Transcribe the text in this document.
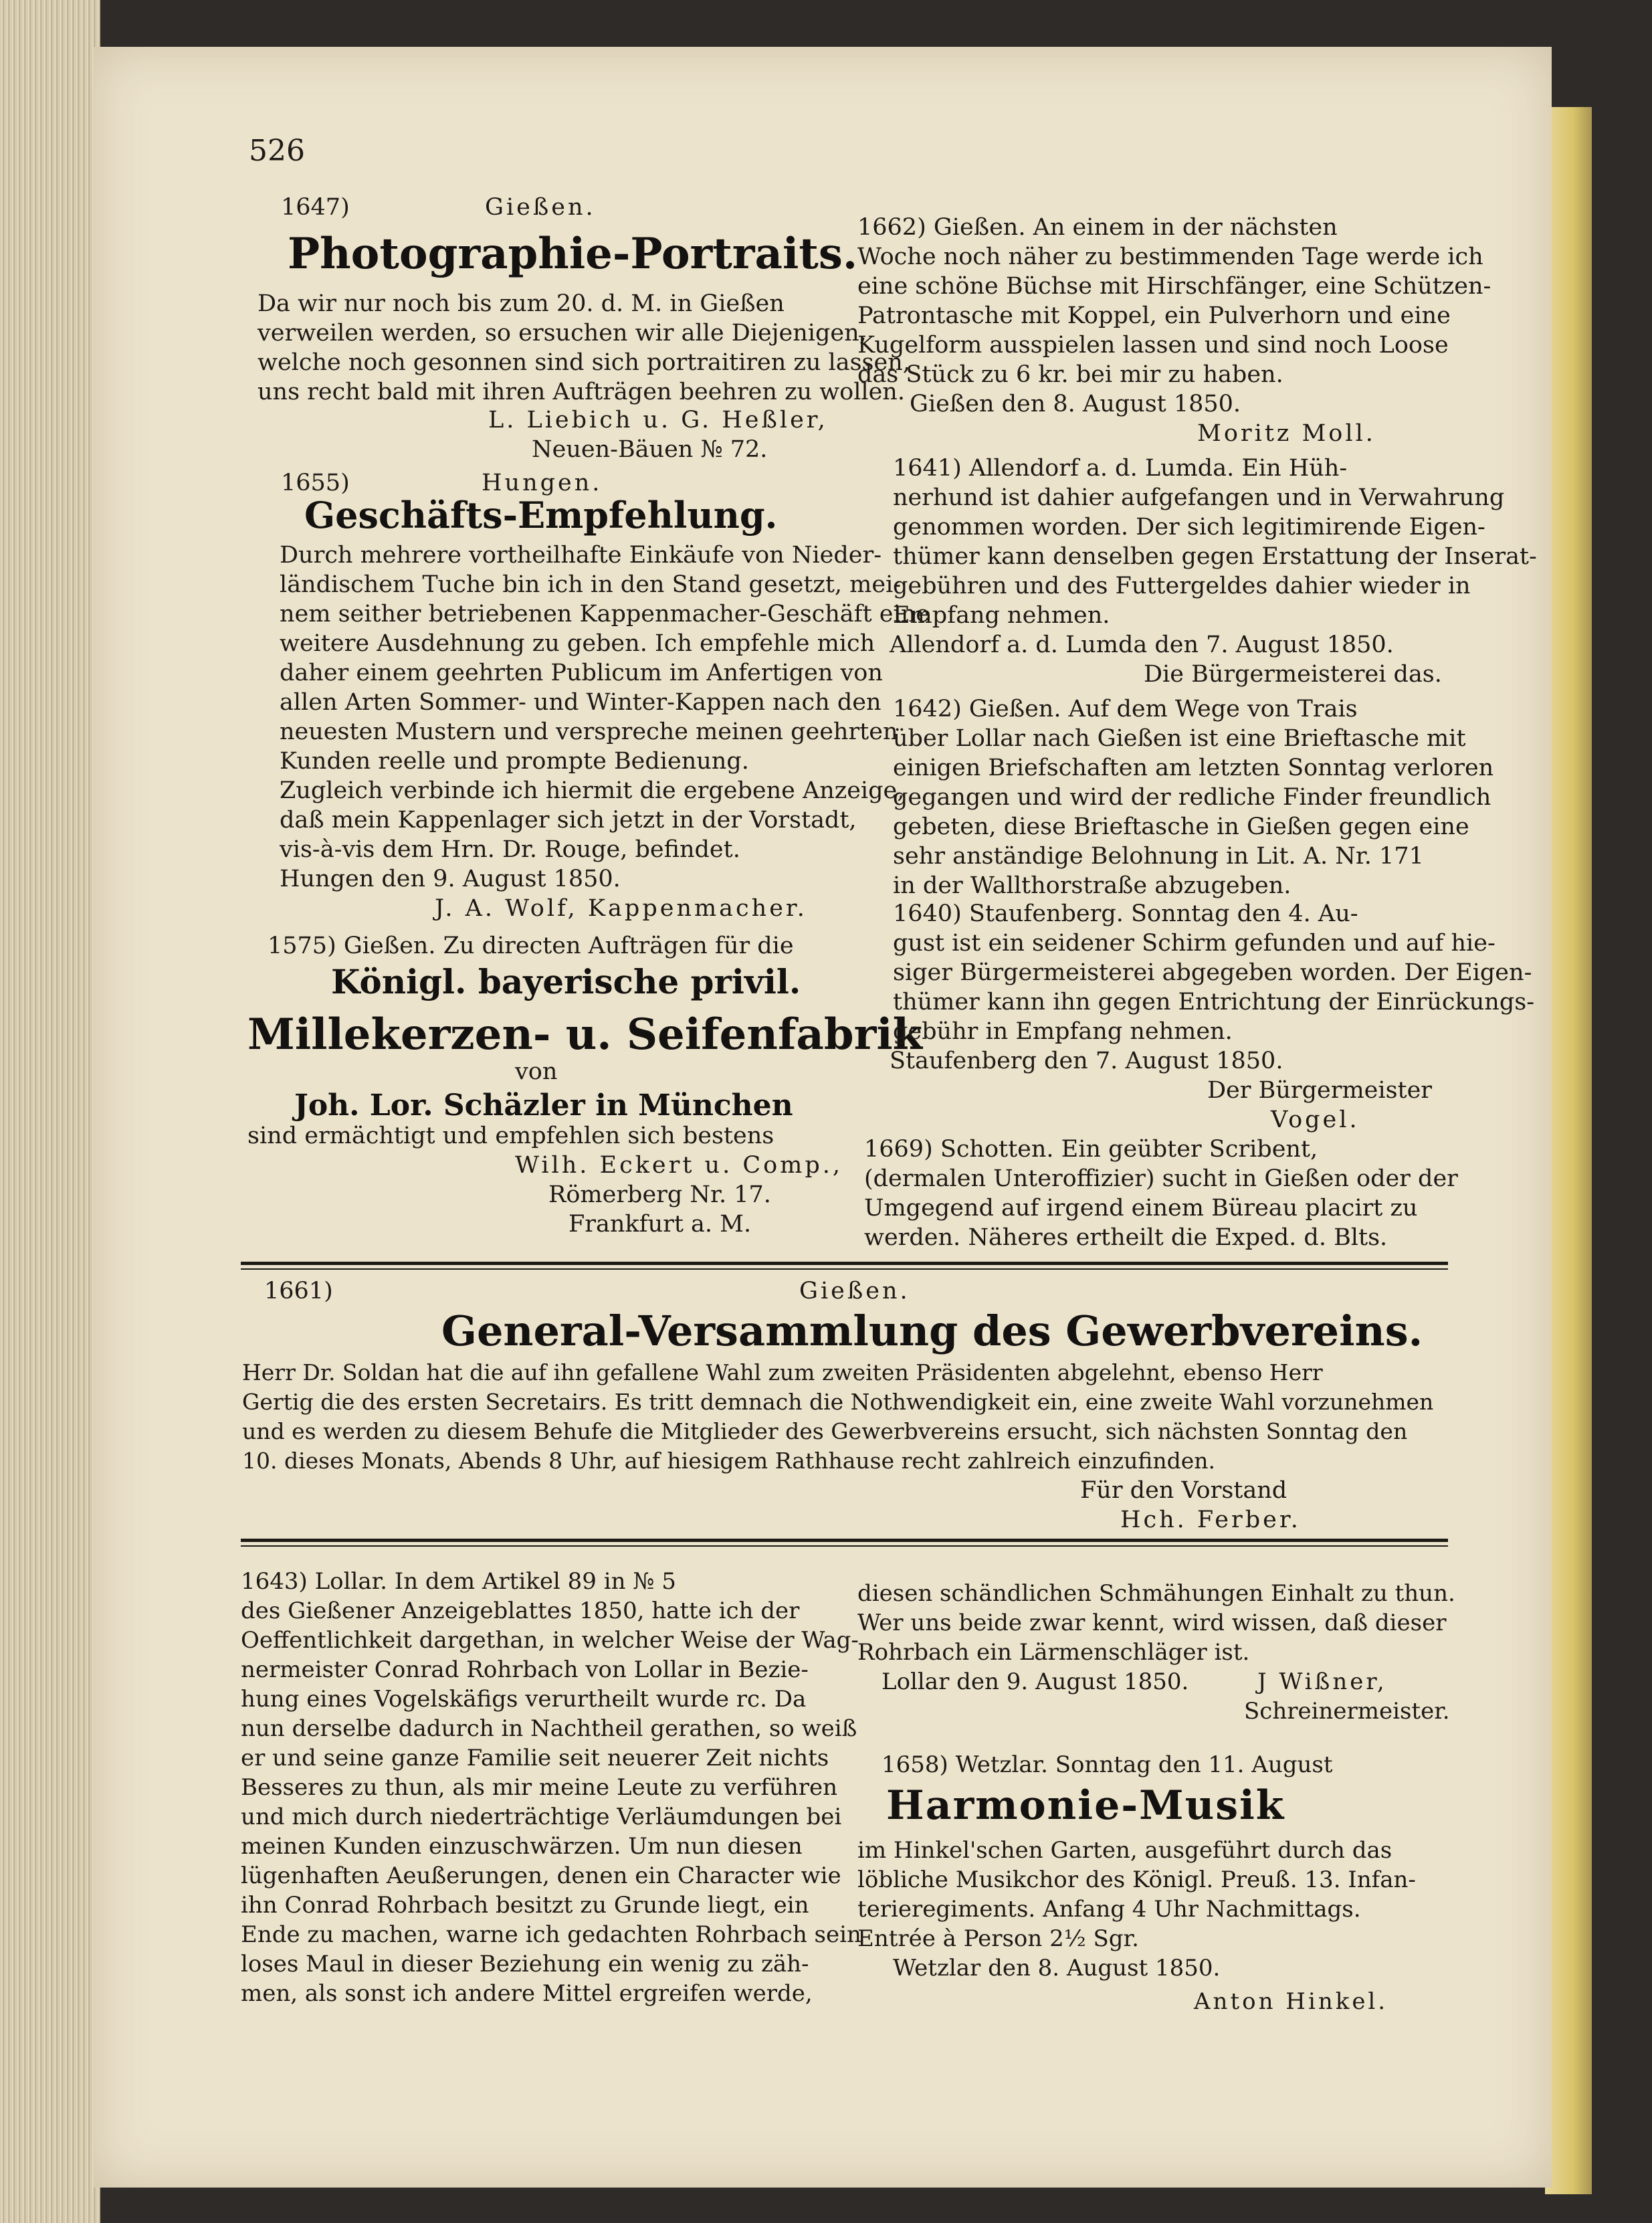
526
1647)	Gießen.
Photographie-Portraits.
Da wir nur noch bis zum 20. d. M. in Gießen
verweilen werden, so ersuchen wir alle Diejenigen,
welche noch gesonnen sind sich portraitiren zu lassen,
uns recht bald mit ihren Aufträgen beehren zu wollen.
L. Liebich u. G. Heßler,
Neuen-Bäuen № 72.
1655)	Hungen.
Geschäfts-Empfehlung.
Durch mehrere vortheilhafte Einkäufe von Nieder-
ländischem Tuche bin ich in den Stand gesetzt, mei-
nem seither betriebenen Kappenmacher-Geschäft eine
weitere Ausdehnung zu geben. Ich empfehle mich
daher einem geehrten Publicum im Anfertigen von
allen Arten Sommer- und Winter-Kappen nach den
neuesten Mustern und verspreche meinen geehrten
Kunden reelle und prompte Bedienung.
Zugleich verbinde ich hiermit die ergebene Anzeige,
daß mein Kappenlager sich jetzt in der Vorstadt,
vis-à-vis dem Hrn. Dr. Rouge, befindet.
Hungen den 9. August 1850.
J. A. Wolf, Kappenmacher.
1575) Gießen. Zu directen Aufträgen für die
Königl. bayerische privil.
Millekerzen- u. Seifenfabrik
von
Joh. Lor. Schäzler in München
sind ermächtigt und empfehlen sich bestens
Wilh. Eckert u. Comp.,
Römerberg Nr. 17.
Frankfurt a. M.
1662) Gießen. An einem in der nächsten
Woche noch näher zu bestimmenden Tage werde ich
eine schöne Büchse mit Hirschfänger, eine Schützen-
Patrontasche mit Koppel, ein Pulverhorn und eine
Kugelform ausspielen lassen und sind noch Loose
das Stück zu 6 kr. bei mir zu haben.
Gießen den 8. August 1850.
Moritz Moll.
1641) Allendorf a. d. Lumda. Ein Hüh-
nerhund ist dahier aufgefangen und in Verwahrung
genommen worden. Der sich legitimirende Eigen-
thümer kann denselben gegen Erstattung der Inserat-
gebühren und des Futtergeldes dahier wieder in
Empfang nehmen.
Allendorf a. d. Lumda den 7. August 1850.
Die Bürgermeisterei das.
1642) Gießen. Auf dem Wege von Trais
über Lollar nach Gießen ist eine Brieftasche mit
einigen Briefschaften am letzten Sonntag verloren
gegangen und wird der redliche Finder freundlich
gebeten, diese Brieftasche in Gießen gegen eine
sehr anständige Belohnung in Lit. A. Nr. 171
in der Wallthorstraße abzugeben.
1640) Staufenberg. Sonntag den 4. Au-
gust ist ein seidener Schirm gefunden und auf hie-
siger Bürgermeisterei abgegeben worden. Der Eigen-
thümer kann ihn gegen Entrichtung der Einrückungs-
gebühr in Empfang nehmen.
Staufenberg den 7. August 1850.
Der Bürgermeister
Vogel.
1669) Schotten. Ein geübter Scribent,
(dermalen Unteroffizier) sucht in Gießen oder der
Umgegend auf irgend einem Büreau placirt zu
werden. Näheres ertheilt die Exped. d. Blts.
1661)	Gießen.
General-Versammlung des Gewerbvereins.
Herr Dr. Soldan hat die auf ihn gefallene Wahl zum zweiten Präsidenten abgelehnt, ebenso Herr
Gertig die des ersten Secretairs. Es tritt demnach die Nothwendigkeit ein, eine zweite Wahl vorzunehmen
und es werden zu diesem Behufe die Mitglieder des Gewerbvereins ersucht, sich nächsten Sonntag den
10. dieses Monats, Abends 8 Uhr, auf hiesigem Rathhause recht zahlreich einzufinden.
Für den Vorstand
Hch. Ferber.
1643) Lollar. In dem Artikel 89 in № 5
des Gießener Anzeigeblattes 1850, hatte ich der
Oeffentlichkeit dargethan, in welcher Weise der Wag-
nermeister Conrad Rohrbach von Lollar in Bezie-
hung eines Vogelskäfigs verurtheilt wurde rc. Da
nun derselbe dadurch in Nachtheil gerathen, so weiß
er und seine ganze Familie seit neuerer Zeit nichts
Besseres zu thun, als mir meine Leute zu verführen
und mich durch niederträchtige Verläumdungen bei
meinen Kunden einzuschwärzen. Um nun diesen
lügenhaften Aeußerungen, denen ein Character wie
ihn Conrad Rohrbach besitzt zu Grunde liegt, ein
Ende zu machen, warne ich gedachten Rohrbach sein
loses Maul in dieser Beziehung ein wenig zu zäh-
men, als sonst ich andere Mittel ergreifen werde,
diesen schändlichen Schmähungen Einhalt zu thun.
Wer uns beide zwar kennt, wird wissen, daß dieser
Rohrbach ein Lärmenschläger ist.
Lollar den 9. August 1850.	J Wißner,
Schreinermeister.
1658) Wetzlar. Sonntag den 11. August
Harmonie-Musik
im Hinkel'schen Garten, ausgeführt durch das
löbliche Musikchor des Königl. Preuß. 13. Infan-
terieregiments. Anfang 4 Uhr Nachmittags.
Entrée à Person 2½ Sgr.
Wetzlar den 8. August 1850.
Anton Hinkel.
